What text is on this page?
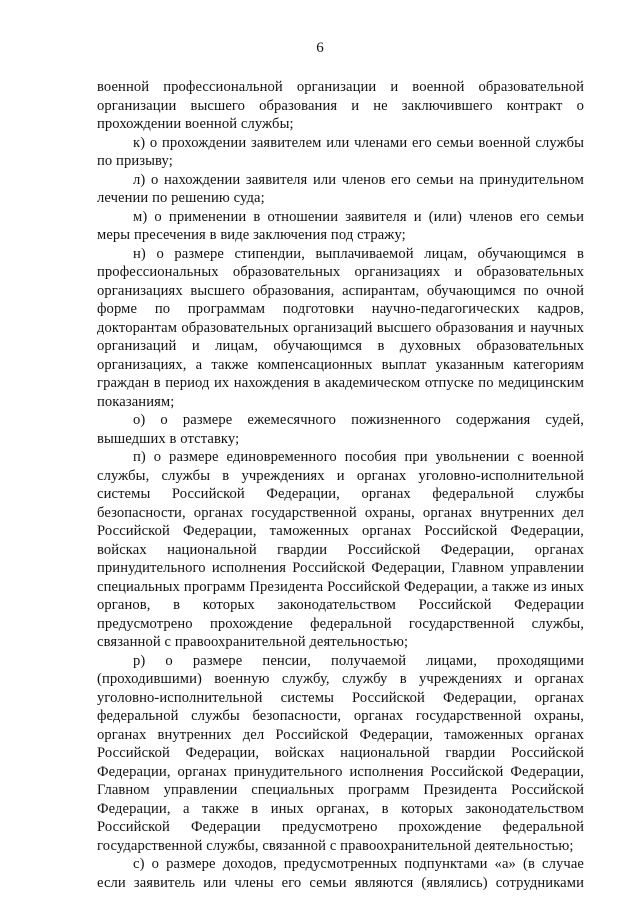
6

военной профессиональной организации и военной образовательной организации высшего образования и не заключившего контракт о прохождении военной службы;

к) о прохождении заявителем или членами его семьи военной службы по призыву;

л) о нахождении заявителя или членов его семьи на принудительном лечении по решению суда;

м) о применении в отношении заявителя и (или) членов его семьи меры пресечения в виде заключения под стражу;

н) о размере стипендии, выплачиваемой лицам, обучающимся в профессиональных образовательных организациях и образовательных организациях высшего образования, аспирантам, обучающимся по очной форме по программам подготовки научно-педагогических кадров, докторантам образовательных организаций высшего образования и научных организаций и лицам, обучающимся в духовных образовательных организациях, а также компенсационных выплат указанным категориям граждан в период их нахождения в академическом отпуске по медицинским показаниям;

о) о размере ежемесячного пожизненного содержания судей, вышедших в отставку;

п) о размере единовременного пособия при увольнении с военной службы, службы в учреждениях и органах уголовно-исполнительной системы Российской Федерации, органах федеральной службы безопасности, органах государственной охраны, органах внутренних дел Российской Федерации, таможенных органах Российской Федерации, войсках национальной гвардии Российской Федерации, органах принудительного исполнения Российской Федерации, Главном управлении специальных программ Президента Российской Федерации, а также из иных органов, в которых законодательством Российской Федерации предусмотрено прохождение федеральной государственной службы, связанной с правоохранительной деятельностью;

р) о размере пенсии, получаемой лицами, проходящими (проходившими) военную службу, службу в учреждениях и органах уголовно-исполнительной системы Российской Федерации, органах федеральной службы безопасности, органах государственной охраны, органах внутренних дел Российской Федерации, таможенных органах Российской Федерации, войсках национальной гвардии Российской Федерации, органах принудительного исполнения Российской Федерации, Главном управлении специальных программ Президента Российской Федерации, а также в иных органах, в которых законодательством Российской Федерации предусмотрено прохождение федеральной государственной службы, связанной с правоохранительной деятельностью;

с) о размере доходов, предусмотренных подпунктами «а» (в случае если заявитель или члены его семьи являются (являлись) сотрудниками
